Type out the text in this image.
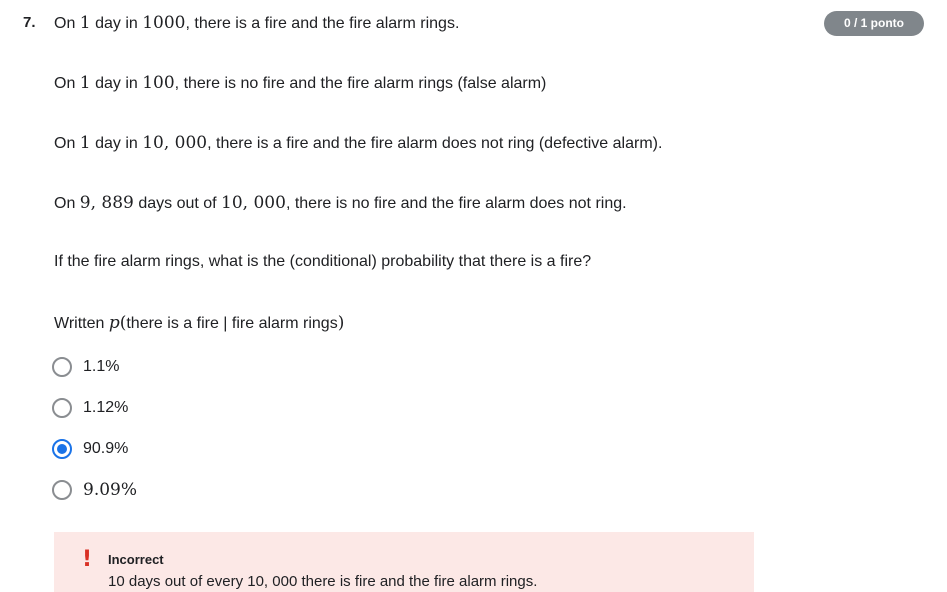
7.	0 / 1 ponto
On 1 day in 1000, there is a fire and the fire alarm rings.
On 1 day in 100, there is no fire and the fire alarm rings (false alarm)
On 1 day in 10, 000, there is a fire and the fire alarm does not ring (defective alarm).
On 9, 889 days out of 10, 000, there is no fire and the fire alarm does not ring.
If the fire alarm rings, what is the (conditional) probability that there is a fire?
Written p(there is a fire | fire alarm rings)
1.1%
1.12%
90.9%
9.09%
! Incorrect
10 days out of every 10, 000 there is fire and the fire alarm rings.
